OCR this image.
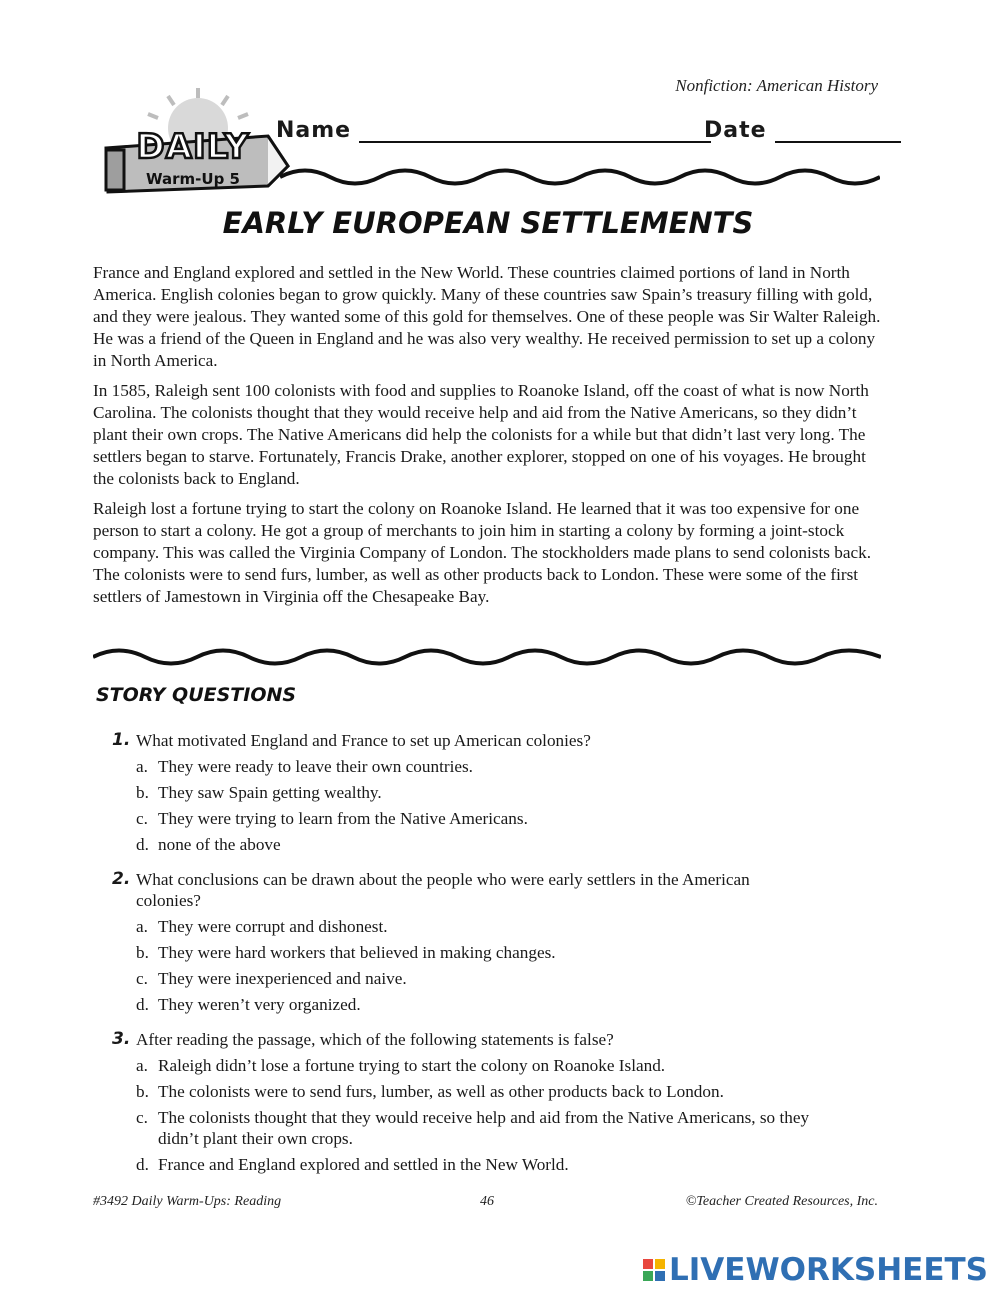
Nonfiction: American History
DAILY
Warm-Up 5
Name	Date
EARLY EUROPEAN SETTLEMENTS

France and England explored and settled in the New World. These countries claimed portions of land in North America. English colonies began to grow quickly. Many of these countries saw Spain’s treasury filling with gold, and they were jealous. They wanted some of this gold for themselves. One of these people was Sir Walter Raleigh. He was a friend of the Queen in England and he was also very wealthy. He received permission to set up a colony in North America.

In 1585, Raleigh sent 100 colonists with food and supplies to Roanoke Island, off the coast of what is now North Carolina. The colonists thought that they would receive help and aid from the Native Americans, so they didn’t plant their own crops. The Native Americans did help the colonists for a while but that didn’t last very long. The settlers began to starve. Fortunately, Francis Drake, another explorer, stopped on one of his voyages. He brought the colonists back to England.

Raleigh lost a fortune trying to start the colony on Roanoke Island. He learned that it was too expensive for one person to start a colony. He got a group of merchants to join him in starting a colony by forming a joint-stock company. This was called the Virginia Company of London. The stockholders made plans to send colonists back. The colonists were to send furs, lumber, as well as other products back to London. These were some of the first settlers of Jamestown in Virginia off the Chesapeake Bay.

STORY QUESTIONS
1. What motivated England and France to set up American colonies?
a. They were ready to leave their own countries.
b. They saw Spain getting wealthy.
c. They were trying to learn from the Native Americans.
d. none of the above
2. What conclusions can be drawn about the people who were early settlers in the American colonies?
a. They were corrupt and dishonest.
b. They were hard workers that believed in making changes.
c. They were inexperienced and naive.
d. They weren’t very organized.
3. After reading the passage, which of the following statements is false?
a. Raleigh didn’t lose a fortune trying to start the colony on Roanoke Island.
b. The colonists were to send furs, lumber, as well as other products back to London.
c. The colonists thought that they would receive help and aid from the Native Americans, so they didn’t plant their own crops.
d. France and England explored and settled in the New World.
#3492 Daily Warm-Ups: Reading	46	©Teacher Created Resources, Inc.
LIVEWORKSHEETS
